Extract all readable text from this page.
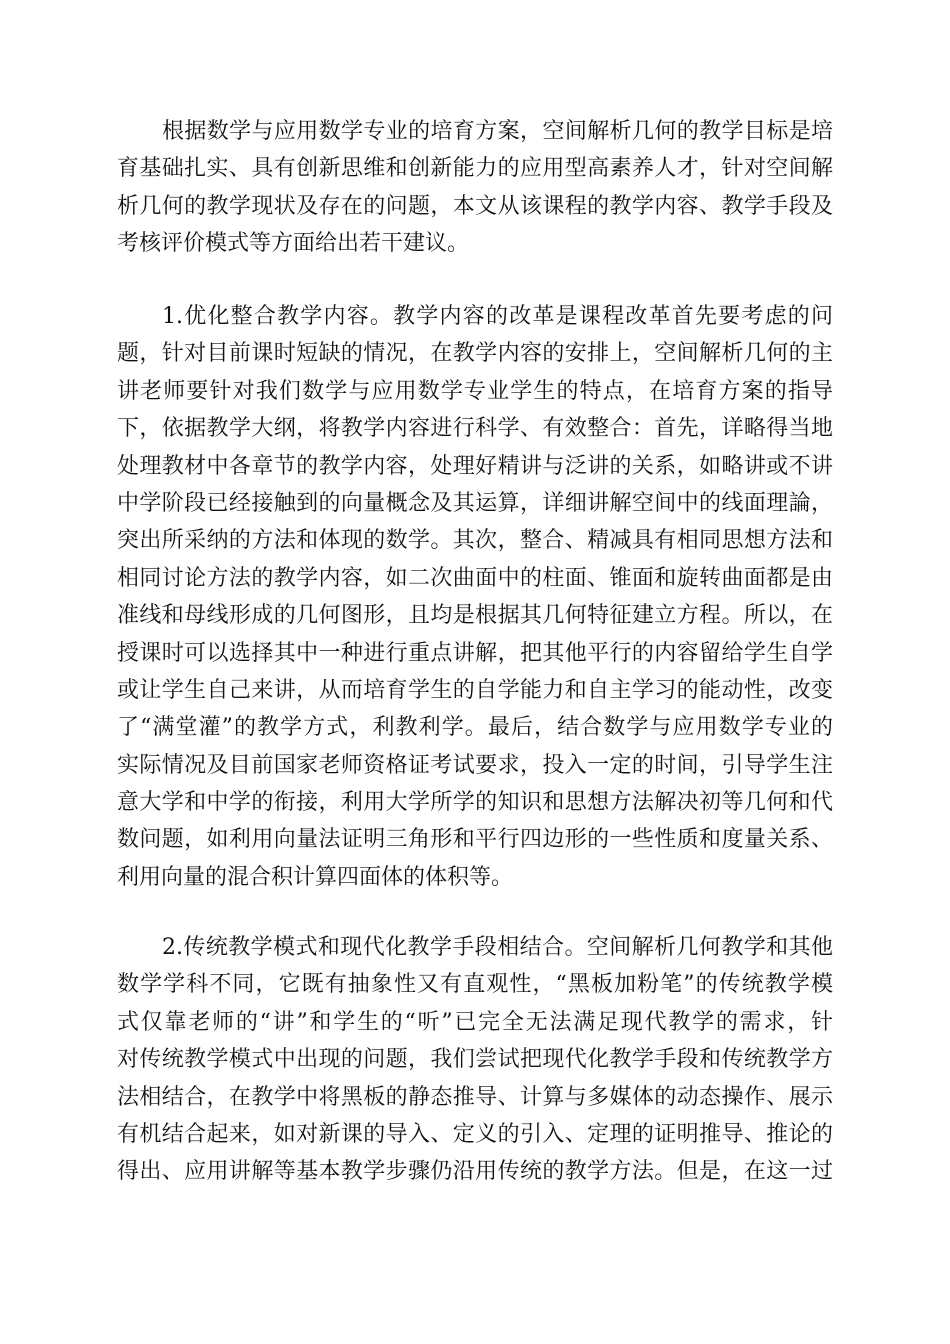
根据数学与应用数学专业的培育方案，空间解析几何的教学目标是培
育基础扎实、具有创新思维和创新能力的应用型高素养人才，针对空间解
析几何的教学现状及存在的问题，本文从该课程的教学内容、教学手段及
考核评价模式等方面给出若干建议。

1.优化整合教学内容。教学内容的改革是课程改革首先要考虑的问
题，针对目前课时短缺的情况，在教学内容的安排上，空间解析几何的主
讲老师要针对我们数学与应用数学专业学生的特点，在培育方案的指导
下，依据教学大纲，将教学内容进行科学、有效整合：首先，详略得当地
处理教材中各章节的教学内容，处理好精讲与泛讲的关系，如略讲或不讲
中学阶段已经接触到的向量概念及其运算，详细讲解空间中的线面理論，
突出所采纳的方法和体现的数学。其次，整合、精减具有相同思想方法和
相同讨论方法的教学内容，如二次曲面中的柱面、锥面和旋转曲面都是由
准线和母线形成的几何图形，且均是根据其几何特征建立方程。所以，在
授课时可以选择其中一种进行重点讲解，把其他平行的内容留给学生自学
或让学生自己来讲，从而培育学生的自学能力和自主学习的能动性，改变
了“满堂灌”的教学方式，利教利学。最后，结合数学与应用数学专业的
实际情况及目前国家老师资格证考试要求，投入一定的时间，引导学生注
意大学和中学的衔接，利用大学所学的知识和思想方法解决初等几何和代
数问题，如利用向量法证明三角形和平行四边形的一些性质和度量关系、
利用向量的混合积计算四面体的体积等。

2.传统教学模式和现代化教学手段相结合。空间解析几何教学和其他
数学学科不同，它既有抽象性又有直观性，“黑板加粉笔”的传统教学模
式仅靠老师的“讲”和学生的“听”已完全无法满足现代教学的需求，针
对传统教学模式中出现的问题，我们尝试把现代化教学手段和传统教学方
法相结合，在教学中将黑板的静态推导、计算与多媒体的动态操作、展示
有机结合起来，如对新课的导入、定义的引入、定理的证明推导、推论的
得出、应用讲解等基本教学步骤仍沿用传统的教学方法。但是，在这一过
